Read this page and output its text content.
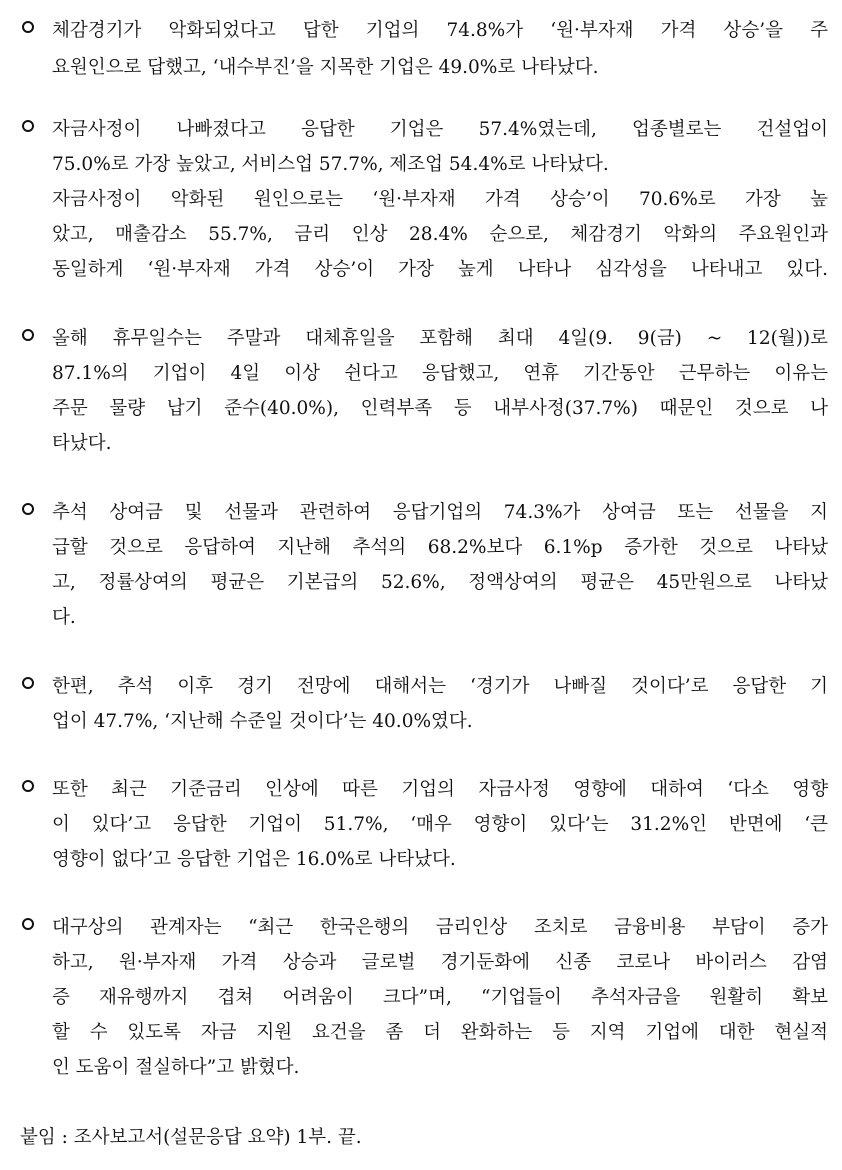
체감경기가 악화되었다고 답한 기업의 74.8%가 ‘원·부자재 가격 상승’을 주
요원인으로 답했고, ‘내수부진’을 지목한 기업은 49.0%로 나타났다.
자금사정이 나빠졌다고 응답한 기업은 57.4%였는데, 업종별로는 건설업이
75.0%로 가장 높았고, 서비스업 57.7%, 제조업 54.4%로 나타났다.
자금사정이 악화된 원인으로는 ‘원·부자재 가격 상승’이 70.6%로 가장 높
았고, 매출감소 55.7%, 금리 인상 28.4% 순으로, 체감경기 악화의 주요원인과
동일하게 ‘원·부자재 가격 상승’이 가장 높게 나타나 심각성을 나타내고 있다.
올해 휴무일수는 주말과 대체휴일을 포함해 최대 4일(9. 9(금) ~ 12(월))로
87.1%의 기업이 4일 이상 쉰다고 응답했고, 연휴 기간동안 근무하는 이유는
주문 물량 납기 준수(40.0%), 인력부족 등 내부사정(37.7%) 때문인 것으로 나
타났다.
추석 상여금 및 선물과 관련하여 응답기업의 74.3%가 상여금 또는 선물을 지
급할 것으로 응답하여 지난해 추석의 68.2%보다 6.1%p 증가한 것으로 나타났
고, 정률상여의 평균은 기본급의 52.6%, 정액상여의 평균은 45만원으로 나타났
다.
한편, 추석 이후 경기 전망에 대해서는 ‘경기가 나빠질 것이다’로 응답한 기
업이 47.7%, ‘지난해 수준일 것이다’는 40.0%였다.
또한 최근 기준금리 인상에 따른 기업의 자금사정 영향에 대하여 ‘다소 영향
이 있다’고 응답한 기업이 51.7%, ‘매우 영향이 있다’는 31.2%인 반면에 ‘큰
영향이 없다’고 응답한 기업은 16.0%로 나타났다.
대구상의 관계자는 “최근 한국은행의 금리인상 조치로 금융비용 부담이 증가
하고, 원·부자재 가격 상승과 글로벌 경기둔화에 신종 코로나 바이러스 감염
증 재유행까지 겹쳐 어려움이 크다”며, “기업들이 추석자금을 원활히 확보
할 수 있도록 자금 지원 요건을 좀 더 완화하는 등 지역 기업에 대한 현실적
인 도움이 절실하다”고 밝혔다.
붙임 : 조사보고서(설문응답 요약) 1부. 끝.
